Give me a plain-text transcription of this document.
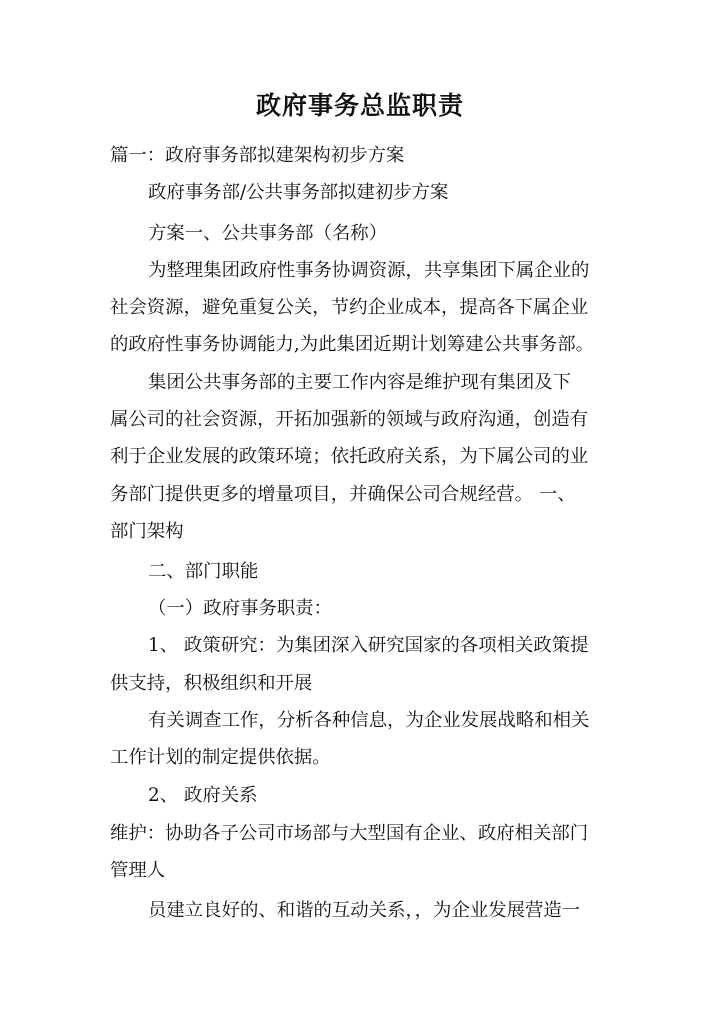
政府事务总监职责
篇一：政府事务部拟建架构初步方案
政府事务部/公共事务部拟建初步方案
方案一、公共事务部（名称）
为整理集团政府性事务协调资源，共享集团下属企业的
社会资源，避免重复公关，节约企业成本，提高各下属企业
的政府性事务协调能力,为此集团近期计划筹建公共事务部。
集团公共事务部的主要工作内容是维护现有集团及下
属公司的社会资源，开拓加强新的领域与政府沟通，创造有
利于企业发展的政策环境；依托政府关系，为下属公司的业
务部门提供更多的增量项目，并确保公司合规经营。 一、
部门架构
二、部门职能
（一）政府事务职责：
1、 政策研究：为集团深入研究国家的各项相关政策提
供支持，积极组织和开展
有关调查工作，分析各种信息，为企业发展战略和相关
工作计划的制定提供依据。
2、 政府关系
维护：协助各子公司市场部与大型国有企业、政府相关部门
管理人
员建立良好的、和谐的互动关系，，为企业发展营造一
